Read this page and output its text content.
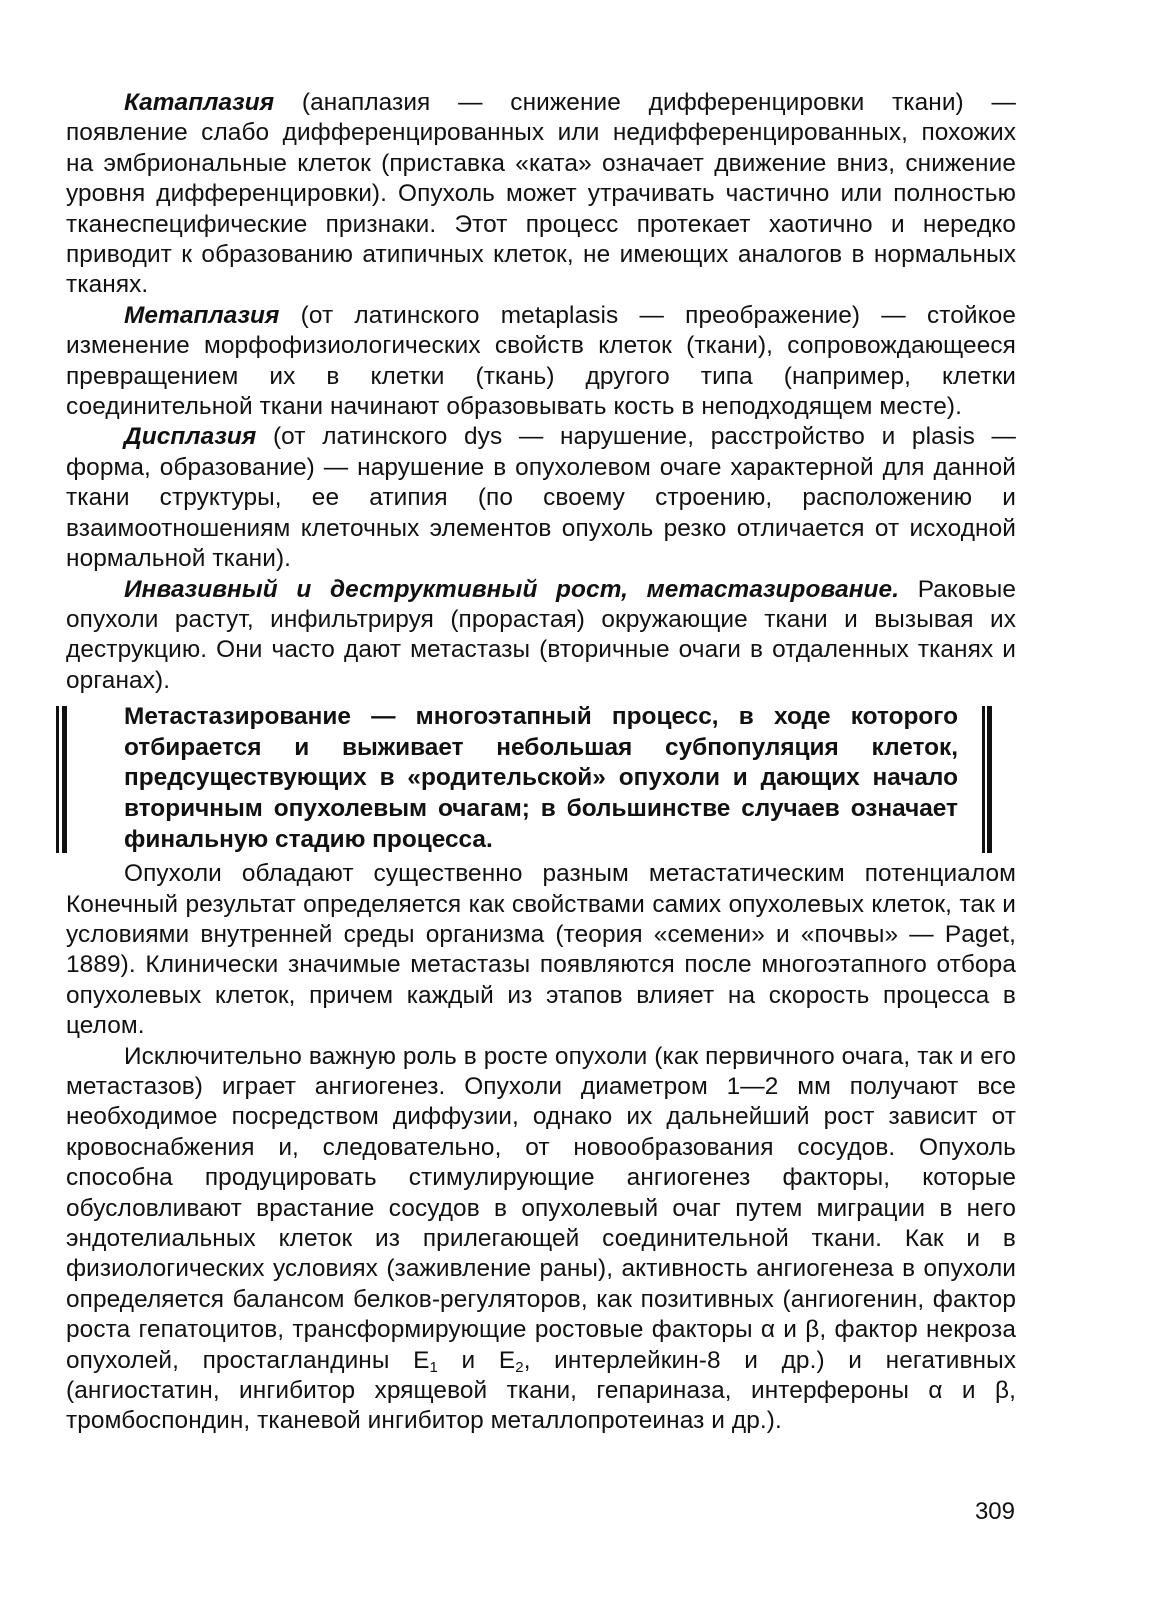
Катаплазия (анаплазия — снижение дифференцировки ткани) — появление слабо дифференцированных или недифференцированных, похожих на эмбриональные клеток (приставка «ката» означает движение вниз, снижение уровня дифференцировки). Опухоль может утрачивать частично или полностью тканеспецифические признаки. Этот процесс протекает хаотично и нередко приводит к образованию атипичных клеток, не имеющих аналогов в нормальных тканях.

Метаплазия (от латинского metaplasis — преображение) — стойкое изменение морфофизиологических свойств клеток (ткани), сопровождающееся превращением их в клетки (ткань) другого типа (например, клетки соединительной ткани начинают образовывать кость в неподходящем месте).

Дисплазия (от латинского dys — нарушение, расстройство и plasis — форма, образование) — нарушение в опухолевом очаге характерной для данной ткани структуры, ее атипия (по своему строению, расположению и взаимоотношениям клеточных элементов опухоль резко отличается от исходной нормальной ткани).

Инвазивный и деструктивный рост, метастазирование. Раковые опухоли растут, инфильтрируя (прорастая) окружающие ткани и вызывая их деструкцию. Они часто дают метастазы (вторичные очаги в отдаленных тканях и органах).

Метастазирование — многоэтапный процесс, в ходе которого отбирается и выживает небольшая субпопуляция клеток, предсуществующих в «родительской» опухоли и дающих начало вторичным опухолевым очагам; в большинстве случаев означает финальную стадию процесса.

Опухоли обладают существенно разным метастатическим потенциалом Конечный результат определяется как свойствами самих опухолевых клеток, так и условиями внутренней среды организма (теория «семени» и «почвы» — Paget, 1889). Клинически значимые метастазы появляются после многоэтапного отбора опухолевых клеток, причем каждый из этапов влияет на скорость процесса в целом.

Исключительно важную роль в росте опухоли (как первичного очага, так и его метастазов) играет ангиогенез. Опухоли диаметром 1—2 мм получают все необходимое посредством диффузии, однако их дальнейший рост зависит от кровоснабжения и, следовательно, от новообразования сосудов. Опухоль способна продуцировать стимулирующие ангиогенез факторы, которые обусловливают врастание сосудов в опухолевый очаг путем миграции в него эндотелиальных клеток из прилегающей соединительной ткани. Как и в физиологических условиях (заживление раны), активность ангиогенеза в опухоли определяется балансом белков-регуляторов, как позитивных (ангиогенин, фактор роста гепатоцитов, трансформирующие ростовые факторы α и β, фактор некроза опухолей, простагландины $E_1$ и $E_2$, интерлейкин-8 и др.) и негативных (ангиостатин, ингибитор хрящевой ткани, гепариназа, интерфероны α и β, тромбоспондин, тканевой ингибитор металлопротеиназ и др.).

309
